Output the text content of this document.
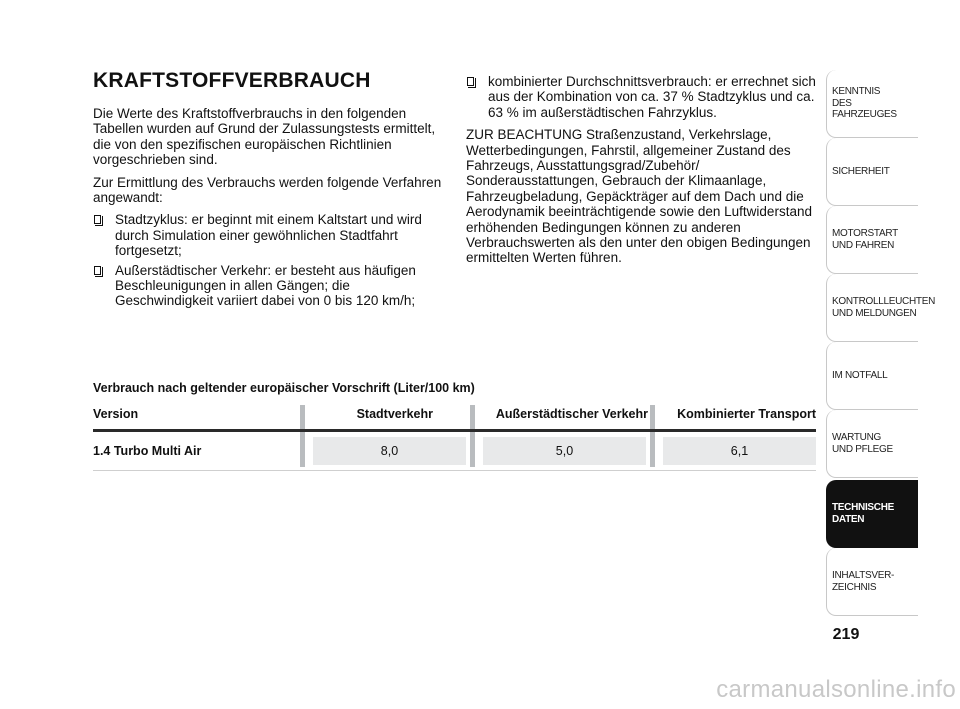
KRAFTSTOFFVERBRAUCH

Die Werte des Kraftstoffverbrauchs in den folgenden Tabellen wurden auf Grund der Zulassungstests ermittelt, die von den spezifischen europäischen Richtlinien vorgeschrieben sind.

Zur Ermittlung des Verbrauchs werden folgende Verfahren angewandt:

Stadtzyklus: er beginnt mit einem Kaltstart und wird durch Simulation einer gewöhnlichen Stadtfahrt fortgesetzt;
Außerstädtischer Verkehr: er besteht aus häufigen Beschleunigungen in allen Gängen; die Geschwindigkeit variiert dabei von 0 bis 120 km/h;
kombinierter Durchschnittsverbrauch: er errechnet sich aus der Kombination von ca. 37 % Stadtzyklus und ca. 63 % im außerstädtischen Fahrzyklus.

ZUR BEACHTUNG Straßenzustand, Verkehrslage, Wetterbedingungen, Fahrstil, allgemeiner Zustand des Fahrzeugs, Ausstattungsgrad/Zubehör/ Sonderausstattungen, Gebrauch der Klimaanlage, Fahrzeugbeladung, Gepäckträger auf dem Dach und die Aerodynamik beeinträchtigende sowie den Luftwiderstand erhöhenden Bedingungen können zu anderen Verbrauchswerten als den unter den obigen Bedingungen ermittelten Werten führen.

Verbrauch nach geltender europäischer Vorschrift (Liter/100 km)
Version	Stadtverkehr	Außerstädtischer Verkehr	Kombinierter Transport
1.4 Turbo Multi Air	8,0	5,0	6,1
KENNTNIS
DES FAHRZEUGES
SICHERHEIT
MOTORSTART
UND FAHREN
KONTROLLLEUCHTEN
UND MELDUNGEN
IM NOTFALL
WARTUNG
UND PFLEGE
TECHNISCHE
DATEN
INHALTSVER-
ZEICHNIS
219
carmanualsonline.info
